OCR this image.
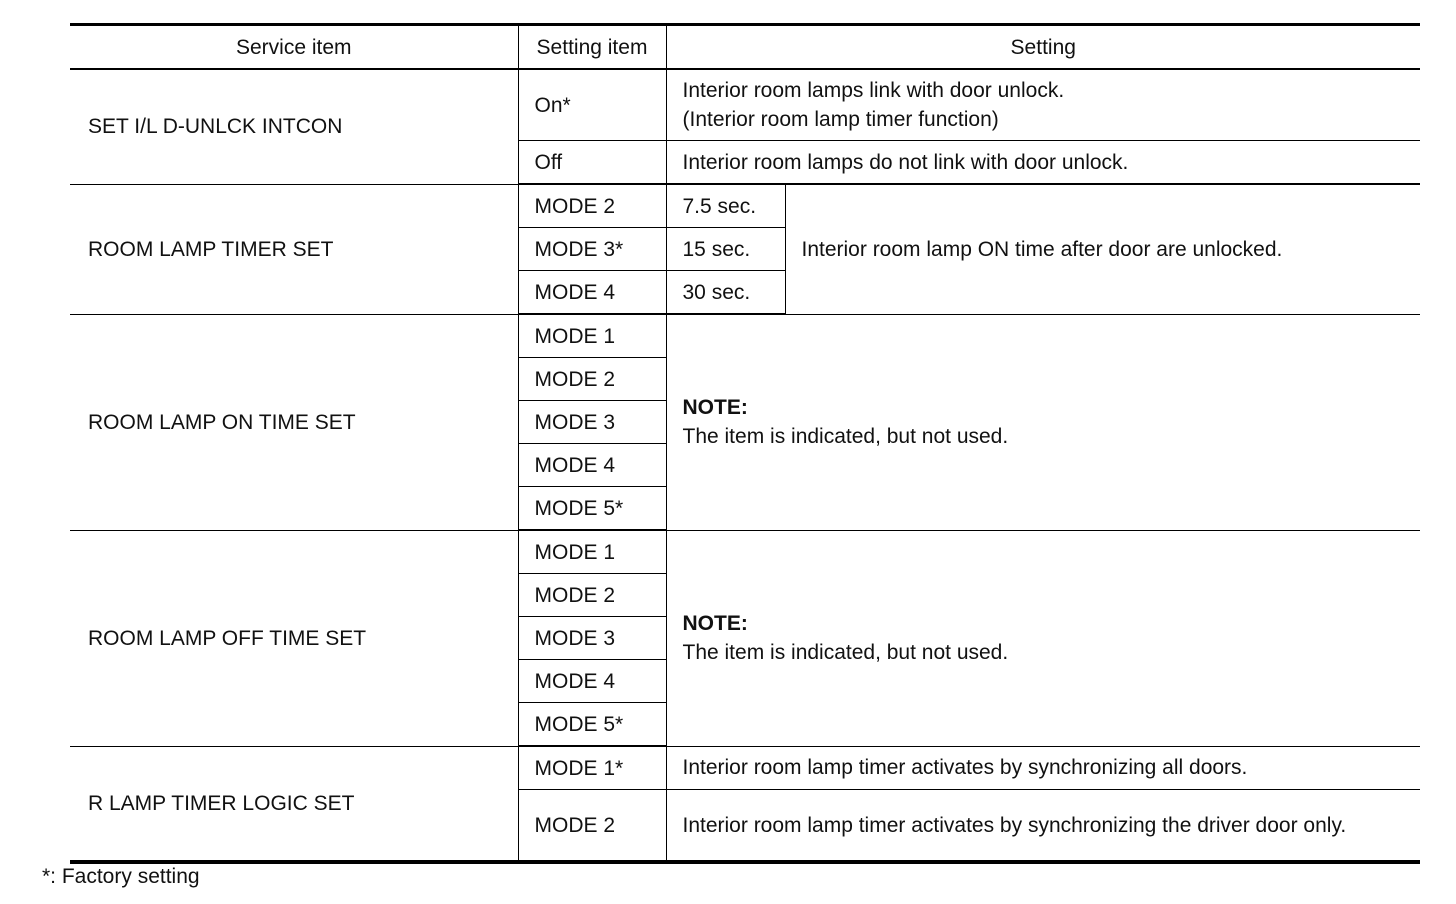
Service item	Setting item	Setting	
SET I/L D-UNLCK INTCON	On*	Interior room lamps link with door unlock.
(Interior room lamp timer function)	
	Off	Interior room lamps do not link with door unlock.	
ROOM LAMP TIMER SET	MODE 2	7.5 sec.	Interior room lamp ON time after door are unlocked.
	MODE 3*	15 sec.	
	MODE 4	30 sec.	
ROOM LAMP ON TIME SET	MODE 1	NOTE:
The item is indicated, but not used.	
	MODE 2		
	MODE 3		
	MODE 4		
	MODE 5*		
ROOM LAMP OFF TIME SET	MODE 1	NOTE:
The item is indicated, but not used.	
	MODE 2		
	MODE 3		
	MODE 4		
	MODE 5*		
R LAMP TIMER LOGIC SET	MODE 1*	Interior room lamp timer activates by synchronizing all doors.	
	MODE 2	Interior room lamp timer activates by synchronizing the driver door only.	
*: Factory setting
